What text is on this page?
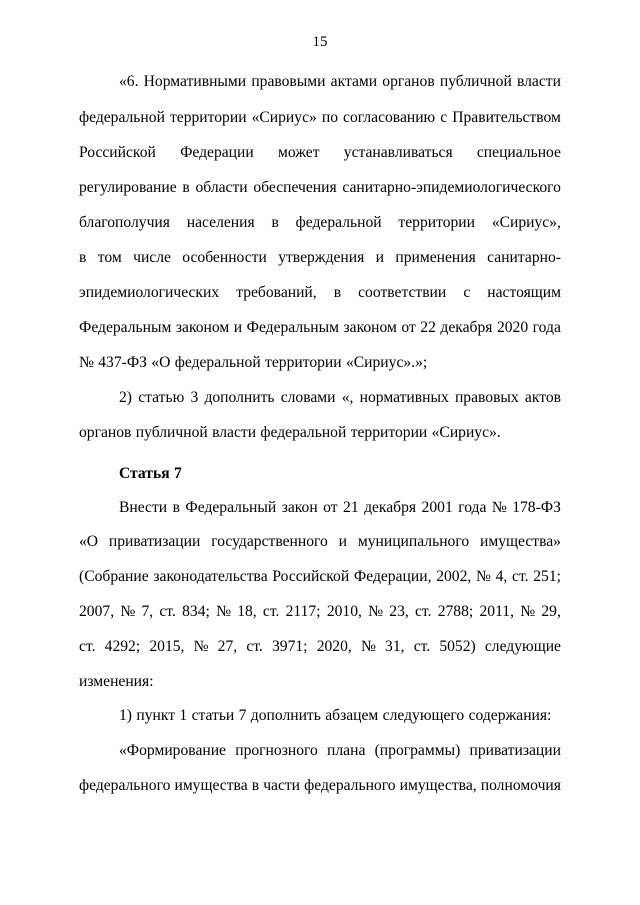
15
«6. Нормативными правовыми актами органов публичной власти
федеральной территории «Сириус» по согласованию с Правительством
Российской Федерации может устанавливаться специальное
регулирование в области обеспечения санитарно-эпидемиологического
благополучия населения в федеральной территории «Сириус»,
в том числе особенности утверждения и применения санитарно-
эпидемиологических требований, в соответствии с настоящим
Федеральным законом и Федеральным законом от 22 декабря 2020 года
№ 437-ФЗ «О федеральной территории «Сириус».»;
2) статью 3 дополнить словами «, нормативных правовых актов
органов публичной власти федеральной территории «Сириус».
Статья 7
Внести в Федеральный закон от 21 декабря 2001 года № 178-ФЗ
«О приватизации государственного и муниципального имущества»
(Собрание законодательства Российской Федерации, 2002, № 4, ст. 251;
2007, № 7, ст. 834; № 18, ст. 2117; 2010, № 23, ст. 2788; 2011, № 29,
ст. 4292; 2015, № 27, ст. 3971; 2020, № 31, ст. 5052) следующие
изменения:
1) пункт 1 статьи 7 дополнить абзацем следующего содержания:
«Формирование прогнозного плана (программы) приватизации
федерального имущества в части федерального имущества, полномочия
